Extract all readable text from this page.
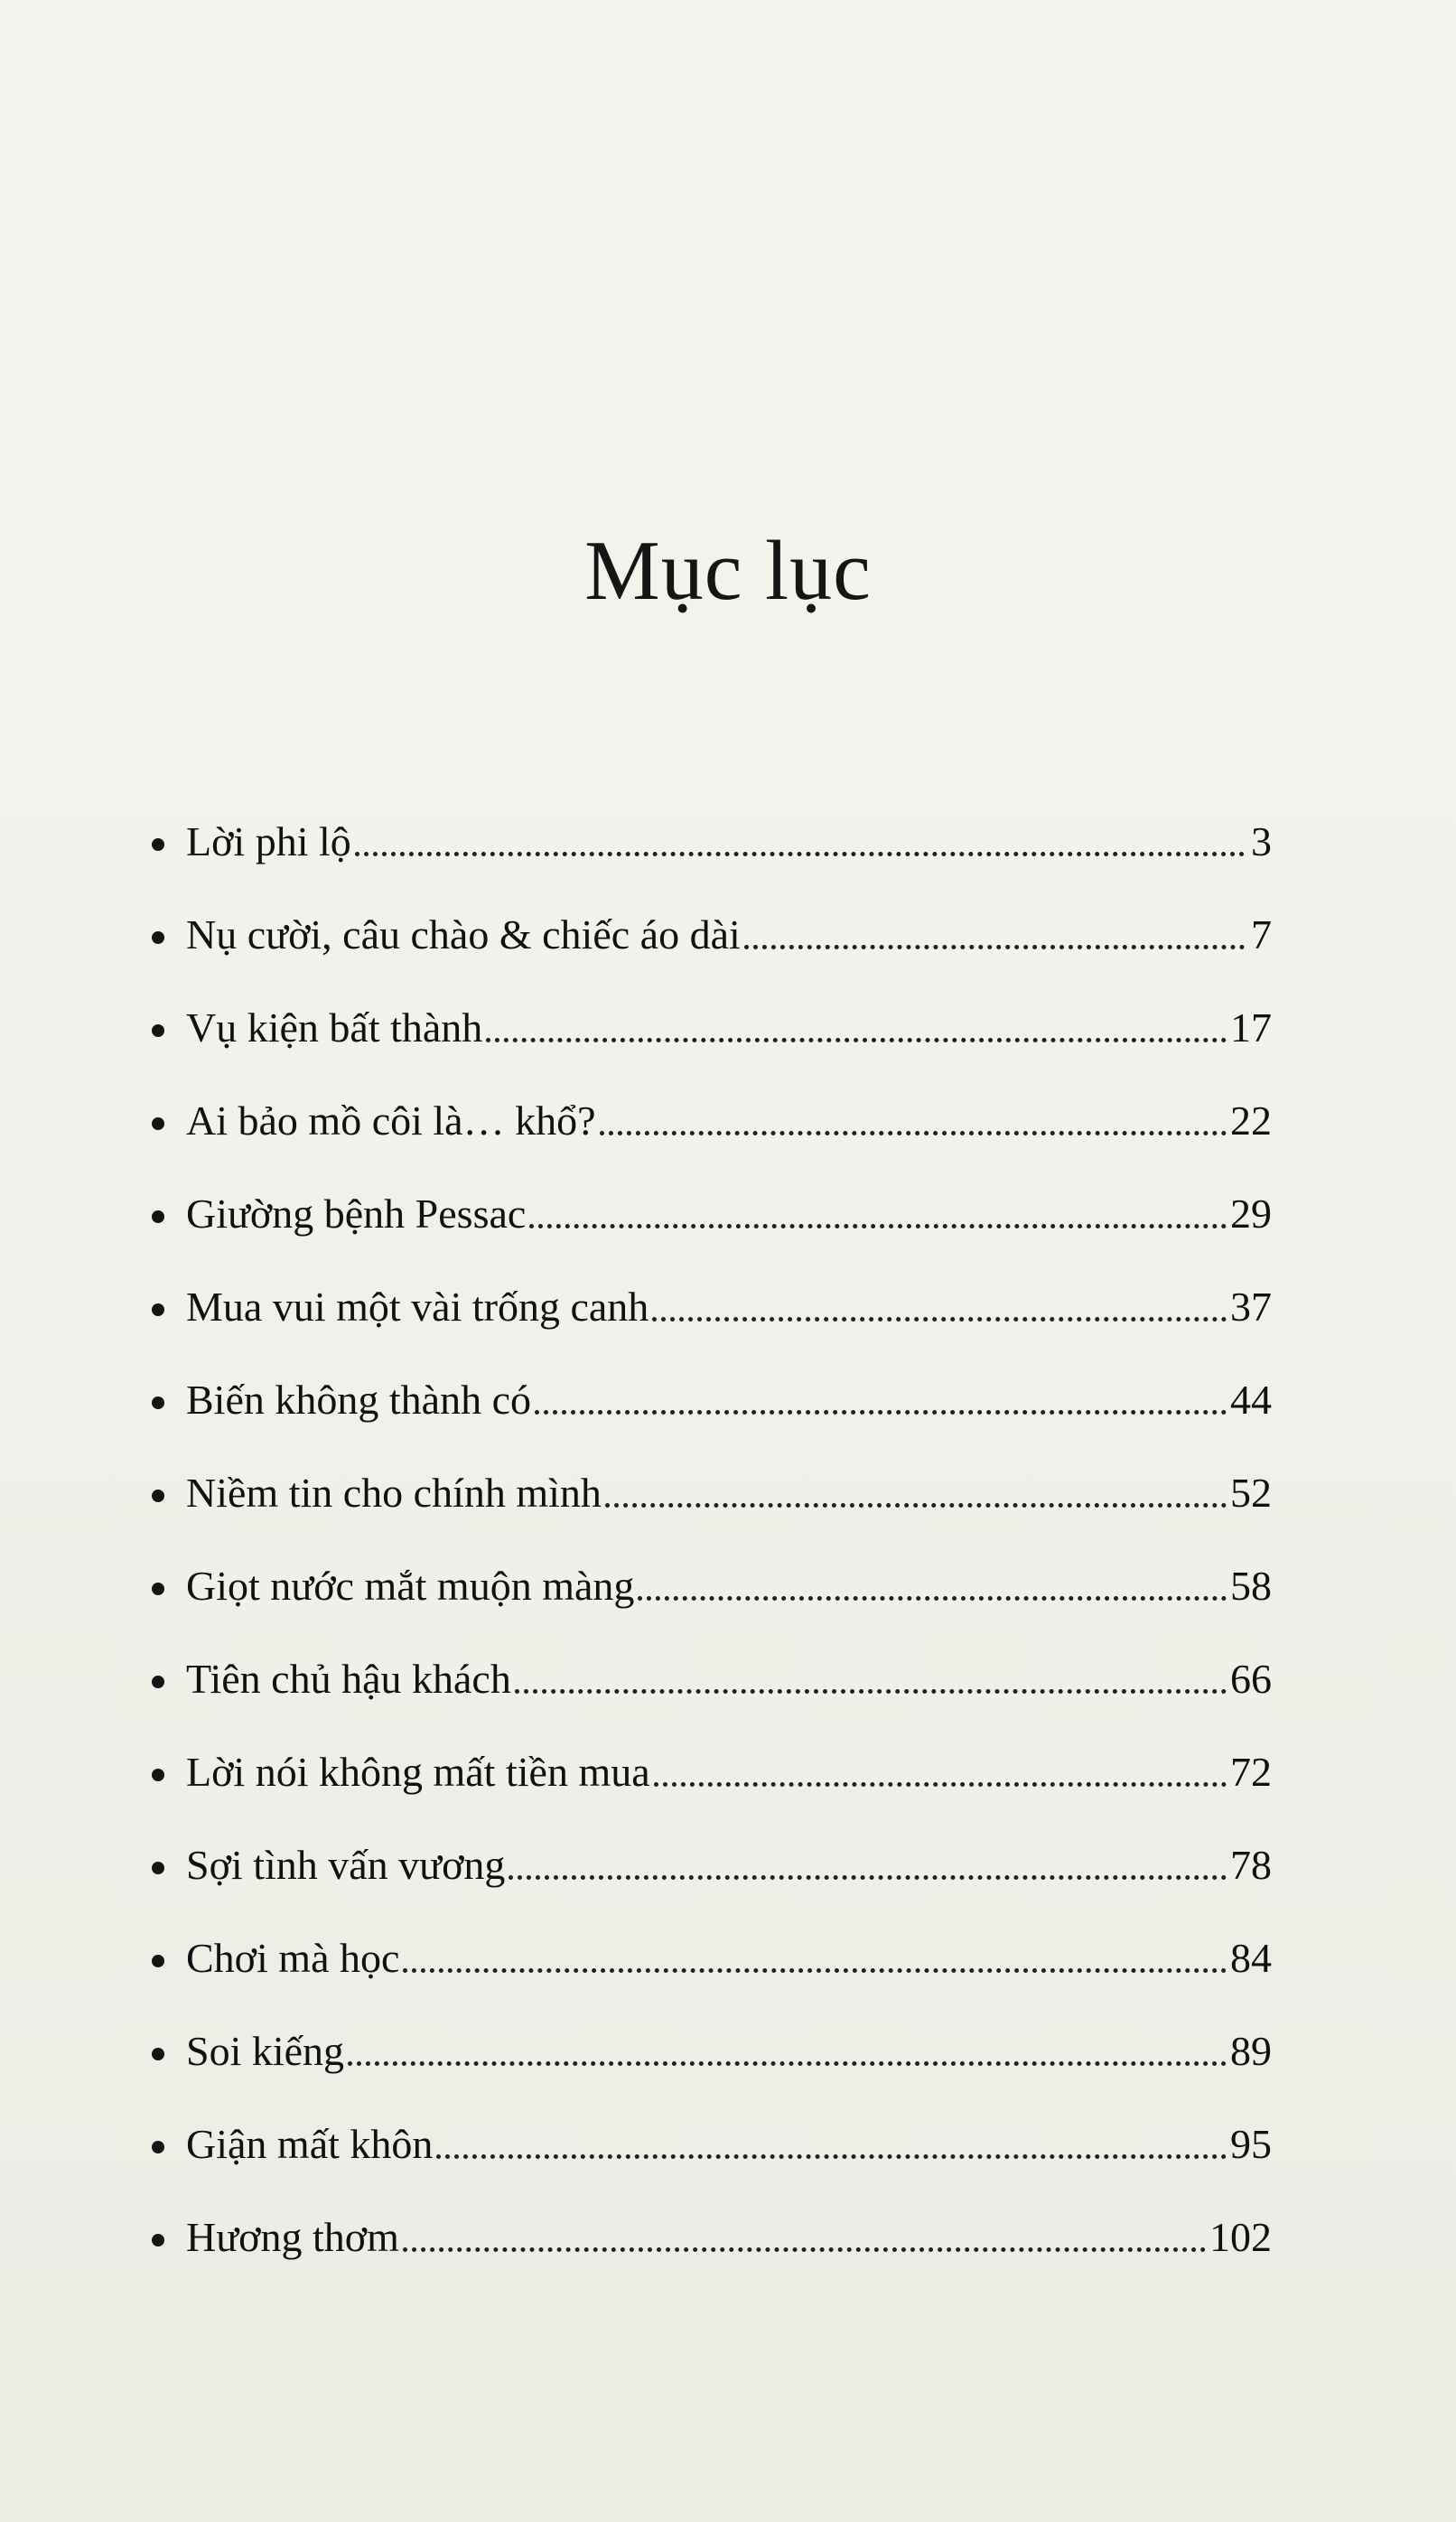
Mục lục
Lời phi lộ	3
Nụ cười, câu chào & chiếc áo dài	7
Vụ kiện bất thành	17
Ai bảo mồ côi là… khổ?	22
Giường bệnh Pessac	29
Mua vui một vài trống canh	37
Biến không thành có	44
Niềm tin cho chính mình	52
Giọt nước mắt muộn màng	58
Tiên chủ hậu khách	66
Lời nói không mất tiền mua	72
Sợi tình vấn vương	78
Chơi mà học	84
Soi kiếng	89
Giận mất khôn	95
Hương thơm	102
